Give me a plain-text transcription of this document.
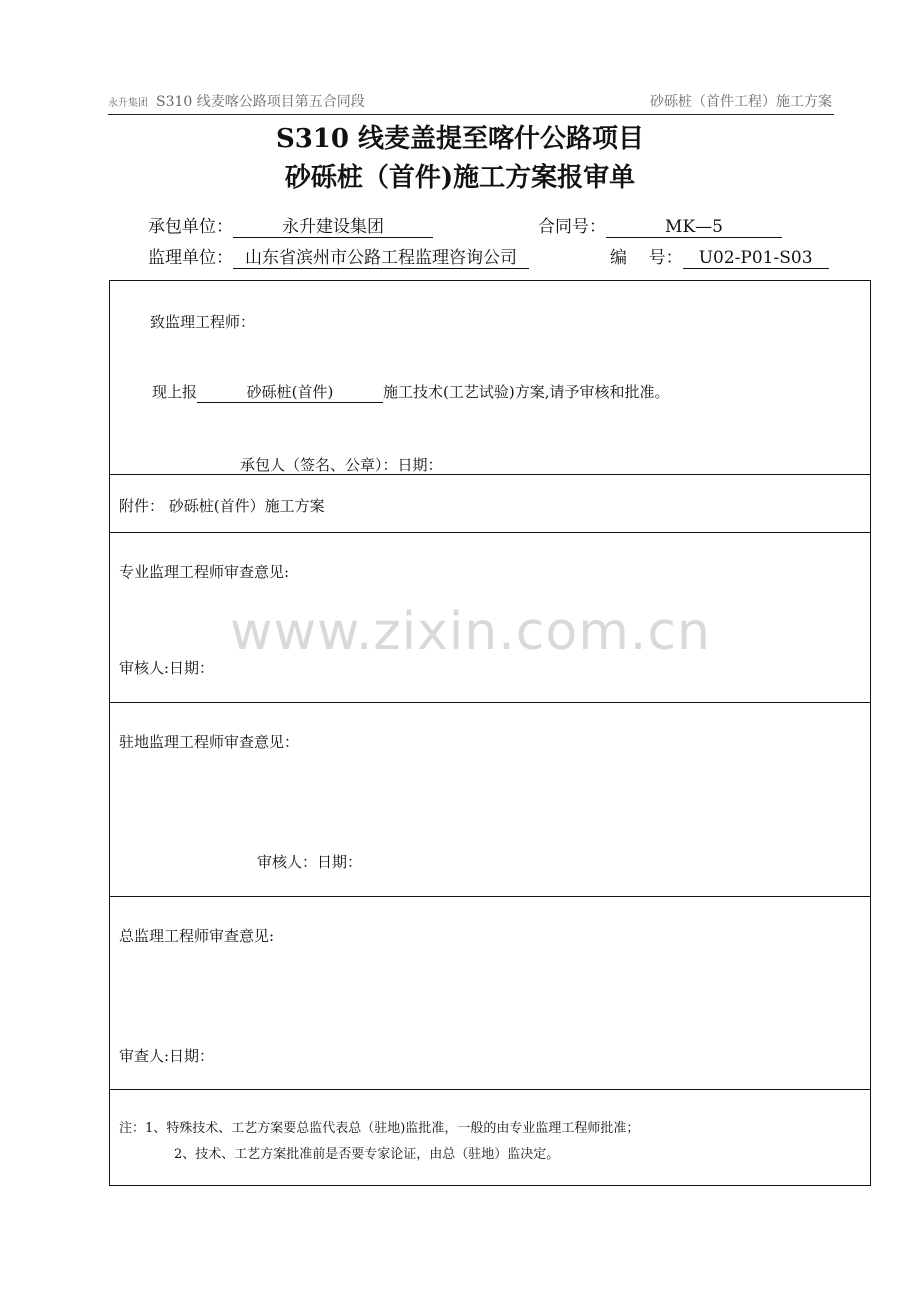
永升集团 S310 线麦喀公路项目第五合同段	砂砾桩（首件工程）施工方案
S310 线麦盖提至喀什公路项目
砂砾桩（首件)施工方案报审单
承包单位：	永升建设集团	合同号：	MK—5
监理单位： 山东省滨州市公路工程监理咨询公司	编    号： U02-P01-S03
致监理工程师：
现上报	砂砾桩(首件)	施工技术(工艺试验)方案,请予审核和批准。
承包人（签名、公章）：日期：
附件： 砂砾桩(首件）施工方案
专业监理工程师审查意见:
审核人:日期：
驻地监理工程师审查意见：
审核人：日期：
总监理工程师审查意见:
审查人:日期：
注：1、特殊技术、工艺方案要总监代表总（驻地)监批准，一般的由专业监理工程师批准；
2、技术、工艺方案批准前是否要专家论证，由总（驻地）监决定。
www.zixin.com.cn
